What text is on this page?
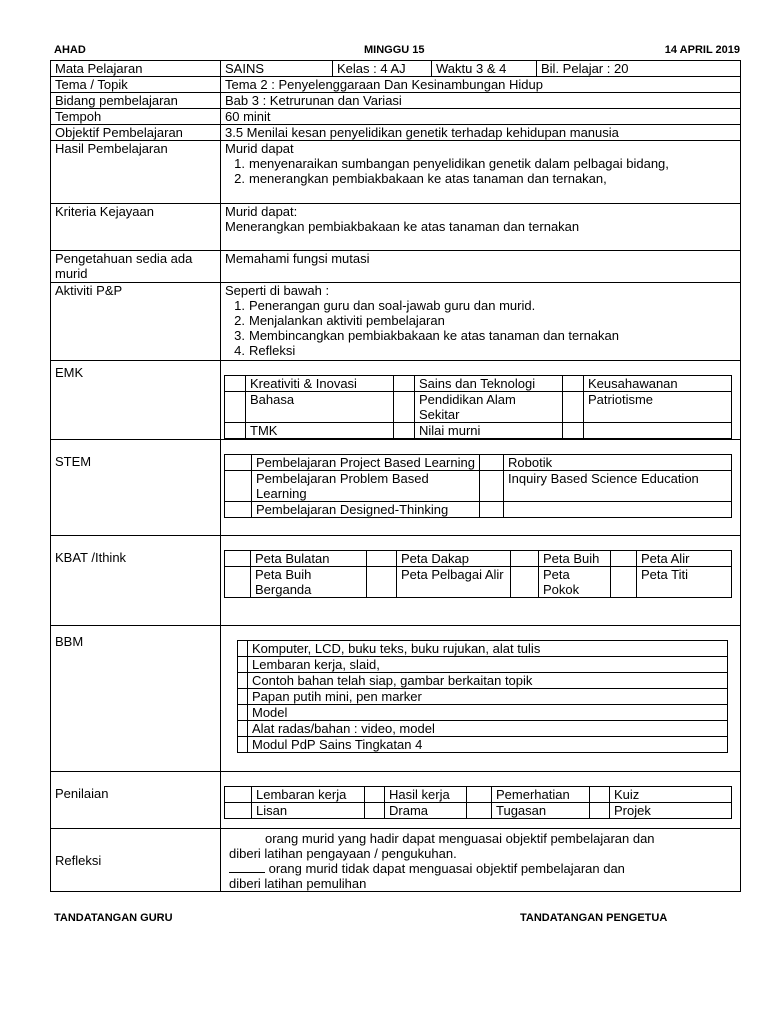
AHAD	MINGGU 15	14 APRIL 2019
Mata Pelajaran		SAINS	Kelas : 4 AJ	Waktu 3 & 4	Bil. Pelajar : 20

Tema / Topik	Tema 2 : Penyelenggaraan Dan Kesinambungan Hidup
Bidang pembelajaran	Bab 3 : Ketrurunan dan Variasi
Tempoh	60 minit
Objektif Pembelajaran	3.5 Menilai kesan penyelidikan genetik terhadap kehidupan manusia
Hasil Pembelajaran	Murid dapat
1. menyenaraikan sumbangan penyelidikan genetik dalam pelbagai bidang,
2. menerangkan pembiakbakaan ke atas tanaman dan ternakan,

Kriteria Kejayaan	Murid dapat:
Menerangkan pembiakbakaan ke atas tanaman dan ternakan

Pengetahuan sedia ada murid	Memahami fungsi mutasi
Aktiviti P&P	Seperti di bawah :
1. Penerangan guru dan soal-jawab guru dan murid.
2. Menjalankan aktiviti pembelajaran
3. Membincangkan pembiakbakaan ke atas tanaman dan ternakan
4. Refleksi

EMK	
	Kreativiti & Inovasi		Sains dan Teknologi		Keusahawanan
	Bahasa		Pendidikan Alam Sekitar		Patriotisme
	TMK		Nilai murni		

STEM	
		Pembelajaran Project Based Learning		Robotik
	Pembelajaran Problem Based Learning		Inquiry Based Science Education
	Pembelajaran Designed-Thinking		

KBAT /Ithink	
		Peta Bulatan		Peta Dakap		Peta Buih		Peta Alir
	Peta Buih Berganda		Peta Pelbagai Alir		Peta Pokok		Peta Titi

BBM	
		Komputer, LCD, buku teks, buku rujukan, alat tulis
	Lembaran kerja, slaid,
	Contoh bahan telah siap, gambar berkaitan topik
	Papan putih mini, pen marker
	Model
	Alat radas/bahan : video, model
	Modul PdP Sains Tingkatan 4

Penilaian	
		Lembaran kerja		Hasil kerja		Pemerhatian		Kuiz
	Lisan		Drama		Tugasan		Projek

Refleksi	
orang murid yang hadir dapat menguasai objektif pembelajaran dan
diberi latihan pengayaan / pengukuhan.
orang murid tidak dapat menguasai objektif pembelajaran dan
diberi latihan pemulihan
TANDATANGAN GURU	TANDATANGAN PENGETUA
